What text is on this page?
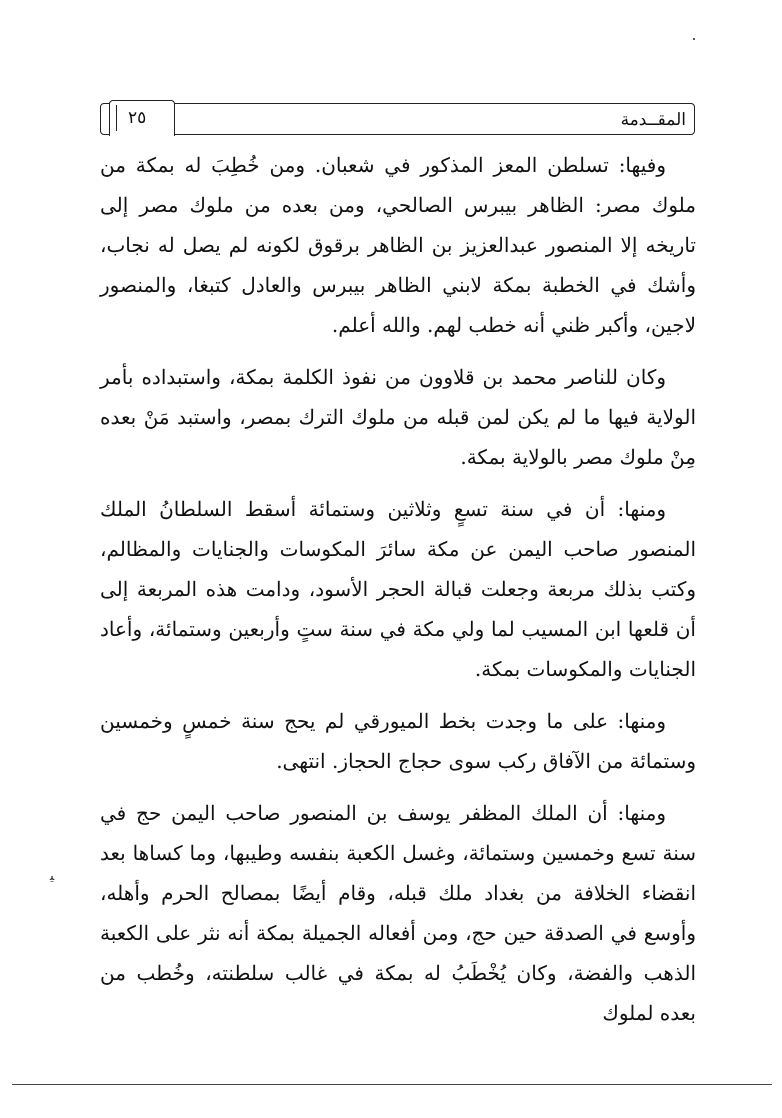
المقــدمة
٢٥

وفيها: تسلطن المعز المذكور في شعبان. ومن خُطِبَ له بمكة من ملوك مصر: الظاهر بيبرس الصالحي، ومن بعده من ملوك مصر إلى تاريخه إلا المنصور عبدالعزيز بن الظاهر برقوق لكونه لم يصل له نجاب، وأشك في الخطبة بمكة لابني الظاهر بيبرس والعادل كتبغا، والمنصور لاجين، وأكبر ظني أنه خطب لهم. والله أعلم.

وكان للناصر محمد بن قلاوون من نفوذ الكلمة بمكة، واستبداده بأمر الولاية فيها ما لم يكن لمن قبله من ملوك الترك بمصر، واستبد مَنْ بعده مِنْ ملوك مصر بالولاية بمكة.

ومنها: أن في سنة تسعٍ وثلاثين وستمائة أسقط السلطانُ الملك المنصور صاحب اليمن عن مكة سائرَ المكوسات والجنايات والمظالم، وكتب بذلك مربعة وجعلت قبالة الحجر الأسود، ودامت هذه المربعة إلى أن قلعها ابن المسيب لما ولي مكة في سنة ستٍ وأربعين وستمائة، وأعاد الجنايات والمكوسات بمكة.

ومنها: على ما وجدت بخط الميورقي لم يحج سنة خمسٍ وخمسين وستمائة من الآفاق ركب سوى حجاج الحجاز. انتهى.

ومنها: أن الملك المظفر يوسف بن المنصور صاحب اليمن حج في سنة تسع وخمسين وستمائة، وغسل الكعبة بنفسه وطيبها، وما كساها بعد انقضاء الخلافة من بغداد ملك قبله، وقام أيضًا بمصالح الحرم وأهله، وأوسع في الصدقة حين حج، ومن أفعاله الجميلة بمكة أنه نثر على الكعبة الذهب والفضة، وكان يُخْطَبُ له بمكة في غالب سلطنته، وخُطب من بعده لملوك

ﯿ
